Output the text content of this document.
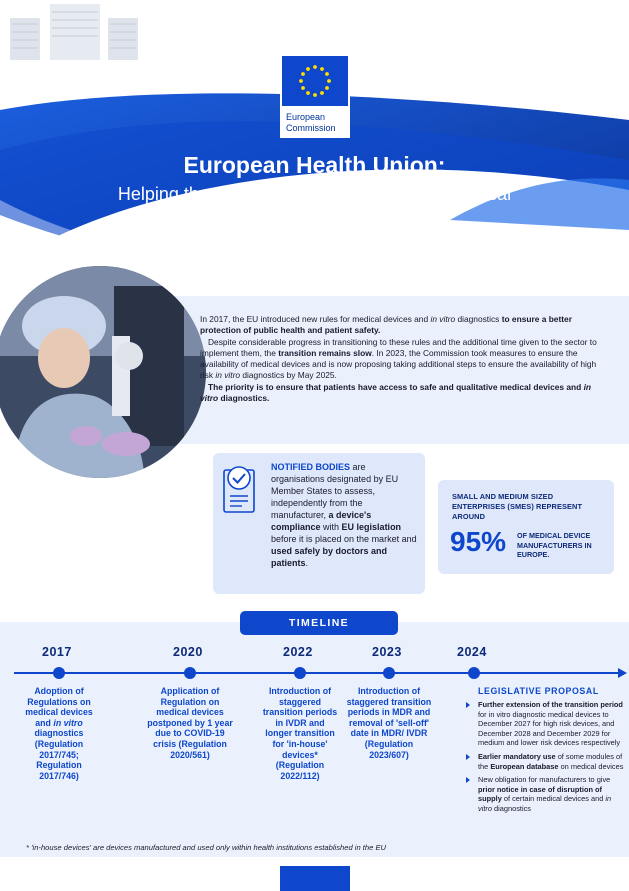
European
Commission
European Health Union:
Helping the transition to the new rules on medical
devices and in vitro diagnostics

In 2017, the EU introduced new rules for medical devices and in vitro diagnostics to ensure a better protection of public health and patient safety.

Despite considerable progress in transitioning to these rules and the additional time given to the sector to implement them, the transition remains slow. In 2023, the Commission took measures to ensure the availability of medical devices and is now proposing taking additional steps to ensure the availability of high risk in vitro diagnostics by May 2025.

The priority is to ensure that patients have access to safe and qualitative medical devices and in vitro diagnostics.

NOTIFIED BODIES are organisations designated by EU Member States to assess, independently from the manufacturer, a device's compliance with EU legislation before it is placed on the market and used safely by doctors and patients.
SMALL AND MEDIUM SIZED ENTERPRISES (SMES) REPRESENT AROUND
95% OF MEDICAL DEVICE MANUFACTURERS IN EUROPE.
TIMELINE
2017	2020	2022	2023	2024
Adoption of Regulations on medical devices and in vitro diagnostics (Regulation 2017/745; Regulation 2017/746)
Application of Regulation on medical devices postponed by 1 year due to COVID-19 crisis (Regulation 2020/561)
Introduction of staggered transition periods in IVDR and longer transition for 'in-house' devices* (Regulation 2022/112)
Introduction of staggered transition periods in MDR and removal of 'sell-off' date in MDR/ IVDR (Regulation 2023/607)
LEGISLATIVE PROPOSAL
Further extension of the transition period for in vitro diagnostic medical devices to December 2027 for high risk devices, and December 2028 and December 2029 for medium and lower risk devices respectively
Earlier mandatory use of some modules of the European database on medical devices
New obligation for manufacturers to give prior notice in case of disruption of supply of certain medical devices and in vitro diagnostics
* 'in-house devices' are devices manufactured and used only within health institutions established in the EU
